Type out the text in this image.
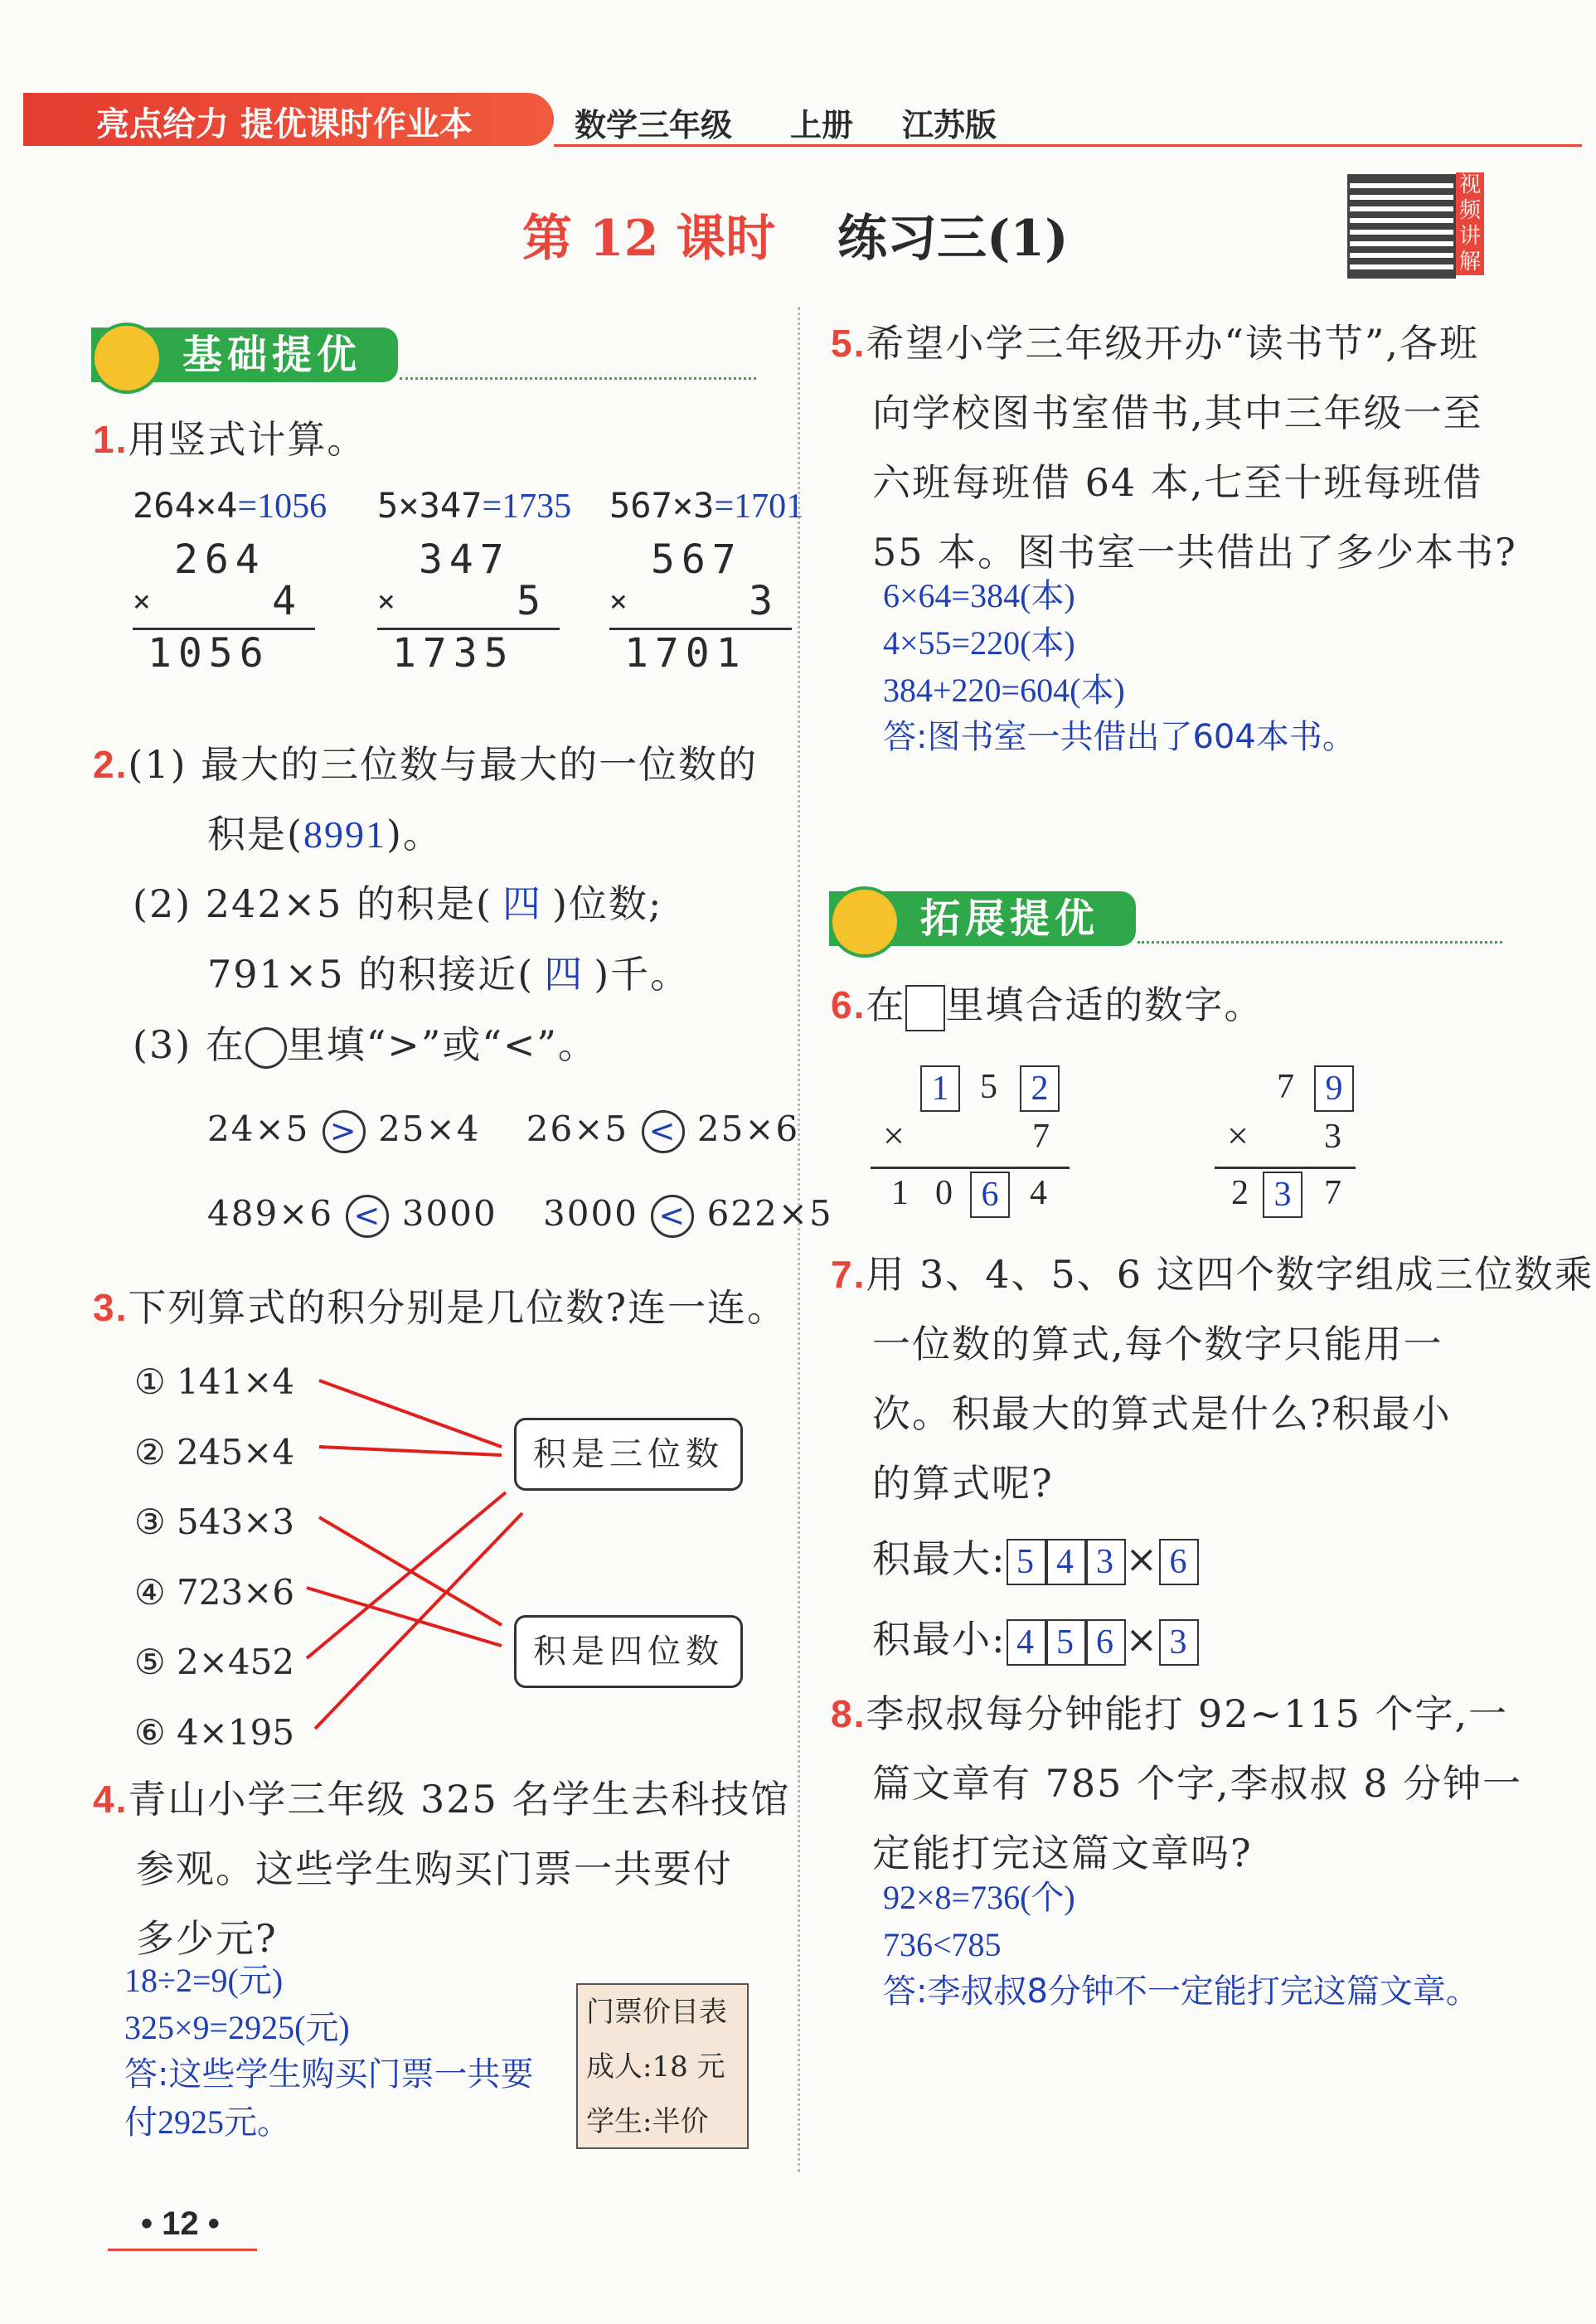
亮点给力 提优课时作业本	数学三年级 上册 江苏版
第 12 课时 练习三(1)
视频讲解
基础提优
1.用竖式计算。
264×4=1056
264
×	4
1056
5×347=1735
347
×	5
1735
567×3=1701
567
×	3
1701
2.(1) 最大的三位数与最大的一位数的
积是(8991)。
(2) 242×5 的积是( 四 )位数;
791×5 的积接近( 四 )千。
(3) 在 里填“>”或“<”。
24×5 > 25×4 26×5 < 25×6
489×6 < 3000 3000 < 622×5
3.下列算式的积分别是几位数?连一连。
① 141×4
② 245×4
③ 543×3
④ 723×6
⑤ 2×452
⑥ 4×195
积是三位数
积是四位数
4.青山小学三年级 325 名学生去科技馆
参观。这些学生购买门票一共要付
多少元?
18÷2=9(元)
325×9=2925(元)
答:这些学生购买门票一共要
付2925元。
门票价目表
成人:18 元
学生:半价
5.希望小学三年级开办“读书节”,各班
向学校图书室借书,其中三年级一至
六班每班借 64 本,七至十班每班借
55 本。图书室一共借出了多少本书?
6×64=384(本)
4×55=220(本)
384+220=604(本)
答:图书室一共借出了604本书。
拓展提优
6.在 里填合适的数字。
1 5 2
×	7
1 0 6 4
7 9
× 3
2 3 7
7.用 3、4、5、6 这四个数字组成三位数乘
一位数的算式,每个数字只能用一
次。积最大的算式是什么?积最小
的算式呢?
积最大: 5 4 3 × 6
积最小: 4 5 6 × 3
8.李叔叔每分钟能打 92~115 个字,一
篇文章有 785 个字,李叔叔 8 分钟一
定能打完这篇文章吗?
92×8=736(个)
736<785
答:李叔叔8分钟不一定能打完这篇文章。
• 12 •
